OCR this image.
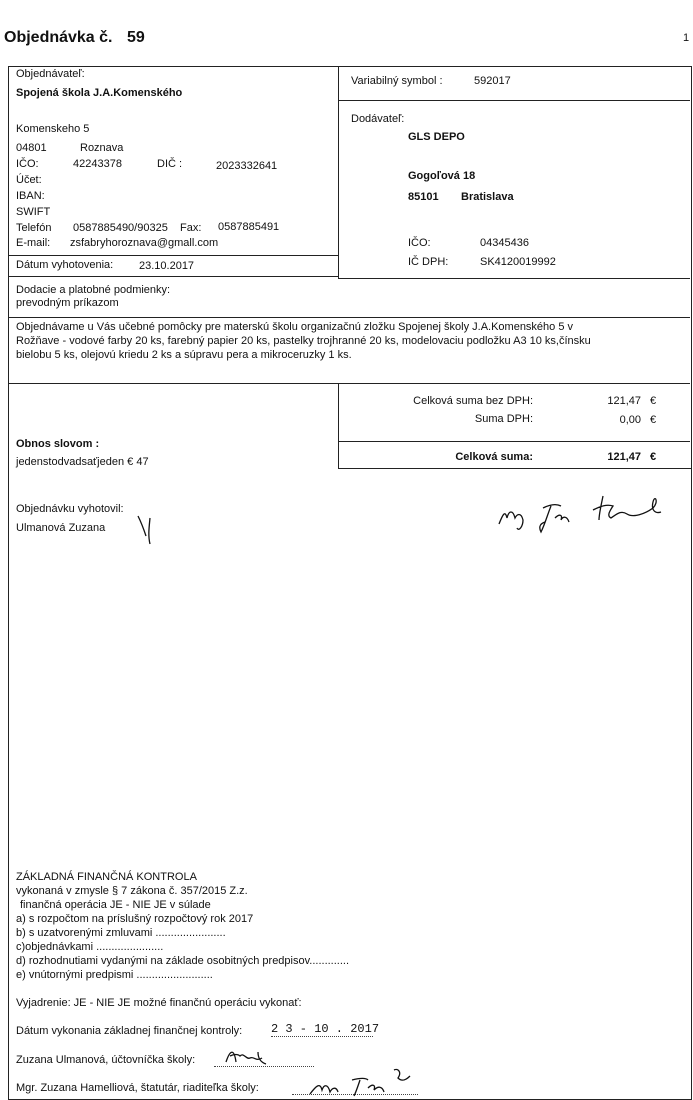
Objednávka č. 59	1
Objednávateľ:
Spojená škola J.A.Komenského
Komenskeho 5
04801	Roznava
IČO:	42243378	DIČ :	2023332641
Účet:
IBAN:
SWIFT
Telefón 0587885490/90325 Fax: 0587885491
E-mail: zsfabryhoroznava@gmall.com
Dátum vyhotovenia: 23.10.2017
Variabilný symbol :	592017
Dodávateľ:
GLS DEPO
Gogoľová 18
85101 Bratislava
IČO:	04345436
IČ DPH:	SK4120019992
Dodacie a platobné podmienky:
prevodným príkazom
Objednávame u Vás učebné pomôcky pre materskú školu organizačnú zložku Spojenej školy J.A.Komenského 5 v
Rožňave - vodové farby 20 ks, farebný papier 20 ks, pastelky trojhranné 20 ks, modelovaciu podložku A3 10 ks,čínsku
bielobu 5 ks, olejovú kriedu 2 ks a súpravu pera a mikroceruzky 1 ks.
Celková suma bez DPH:	121,47 €
Suma DPH:	0,00 €
Celková suma:	121,47 €
Obnos slovom :
jedenstodvadsaťjeden € 47
Objednávku vyhotovil:
Ulmanová Zuzana
ZÁKLADNÁ FINANČNÁ KONTROLA
vykonaná v zmysle § 7 zákona č. 357/2015 Z.z.
finančná operácia JE - NIE JE v súlade
a) s rozpočtom na príslušný rozpočtový rok 2017
b) s uzatvorenými zmluvami .......................
c)objednávkami ......................
d) rozhodnutiami vydanými na základe osobitných predpisov.............
e) vnútornými predpismi .........................
Vyjadrenie: JE - NIE JE možné finančnú operáciu vykonať:
Dátum vykonania základnej finančnej kontroly: 2 3 - 10 . 2017
Zuzana Ulmanová, účtovníčka školy:
Mgr. Zuzana Hamelliová, štatutár, riaditeľka školy:
